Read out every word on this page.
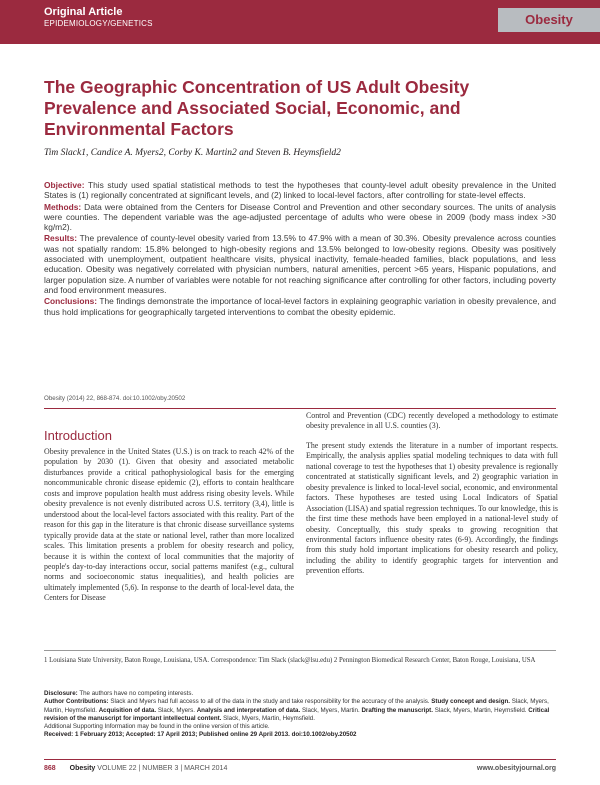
Original Article
EPIDEMIOLOGY/GENETICS	Obesity
The Geographic Concentration of US Adult Obesity Prevalence and Associated Social, Economic, and Environmental Factors
Tim Slack1, Candice A. Myers2, Corby K. Martin2 and Steven B. Heymsfield2

Objective: This study used spatial statistical methods to test the hypotheses that county-level adult obesity prevalence in the United States is (1) regionally concentrated at significant levels, and (2) linked to local-level factors, after controlling for state-level effects.

Methods: Data were obtained from the Centers for Disease Control and Prevention and other secondary sources. The units of analysis were counties. The dependent variable was the age-adjusted percentage of adults who were obese in 2009 (body mass index >30 kg/m2).

Results: The prevalence of county-level obesity varied from 13.5% to 47.9% with a mean of 30.3%. Obesity prevalence across counties was not spatially random: 15.8% belonged to high-obesity regions and 13.5% belonged to low-obesity regions. Obesity was positively associated with unemployment, outpatient healthcare visits, physical inactivity, female-headed families, black populations, and less education. Obesity was negatively correlated with physician numbers, natural amenities, percent >65 years, Hispanic populations, and larger population size. A number of variables were notable for not reaching significance after controlling for other factors, including poverty and food environment measures.

Conclusions: The findings demonstrate the importance of local-level factors in explaining geographic variation in obesity prevalence, and thus hold implications for geographically targeted interventions to combat the obesity epidemic.

Obesity (2014) 22, 868-874. doi:10.1002/oby.20502
Introduction

Obesity prevalence in the United States (U.S.) is on track to reach 42% of the population by 2030 (1). Given that obesity and associated metabolic disturbances provide a critical pathophysiological basis for the emerging noncommunicable chronic disease epidemic (2), efforts to contain healthcare costs and improve population health must address rising obesity levels. While obesity prevalence is not evenly distributed across U.S. territory (3,4), little is understood about the local-level factors associated with this reality. Part of the reason for this gap in the literature is that chronic disease surveillance systems typically provide data at the state or national level, rather than more localized scales. This limitation presents a problem for obesity research and policy, because it is within the context of local communities that the majority of people's day-to-day interactions occur, social patterns manifest (e.g., cultural norms and socioeconomic status inequalities), and health policies are ultimately implemented (5,6). In response to the dearth of local-level data, the Centers for Disease

Control and Prevention (CDC) recently developed a methodology to estimate obesity prevalence in all U.S. counties (3).

The present study extends the literature in a number of important respects. Empirically, the analysis applies spatial modeling techniques to data with full national coverage to test the hypotheses that 1) obesity prevalence is regionally concentrated at statistically significant levels, and 2) geographic variation in obesity prevalence is linked to local-level social, economic, and environmental factors. These hypotheses are tested using Local Indicators of Spatial Association (LISA) and spatial regression techniques. To our knowledge, this is the first time these methods have been employed in a national-level study of obesity. Conceptually, this study speaks to growing recognition that environmental factors influence obesity rates (6-9). Accordingly, the findings from this study hold important implications for obesity research and policy, including the ability to identify geographic targets for intervention and prevention efforts.

1 Louisiana State University, Baton Rouge, Louisiana, USA. Correspondence: Tim Slack (slack@lsu.edu) 2 Pennington Biomedical Research Center, Baton Rouge, Louisiana, USA

Disclosure: The authors have no competing interests.

Author Contributions: Slack and Myers had full access to all of the data in the study and take responsibility for the accuracy of the analysis. Study concept and design. Slack, Myers, Martin, Heymsfield. Acquisition of data. Slack, Myers. Analysis and interpretation of data. Slack, Myers, Martin. Drafting the manuscript. Slack, Myers, Martin, Heymsfield. Critical revision of the manuscript for important intellectual content. Slack, Myers, Martin, Heymsfield.

Additional Supporting Information may be found in the online version of this article.

Received: 1 February 2013; Accepted: 17 April 2013; Published online 29 April 2013. doi:10.1002/oby.20502

868 Obesity VOLUME 22 | NUMBER 3 | MARCH 2014	www.obesityjournal.org
